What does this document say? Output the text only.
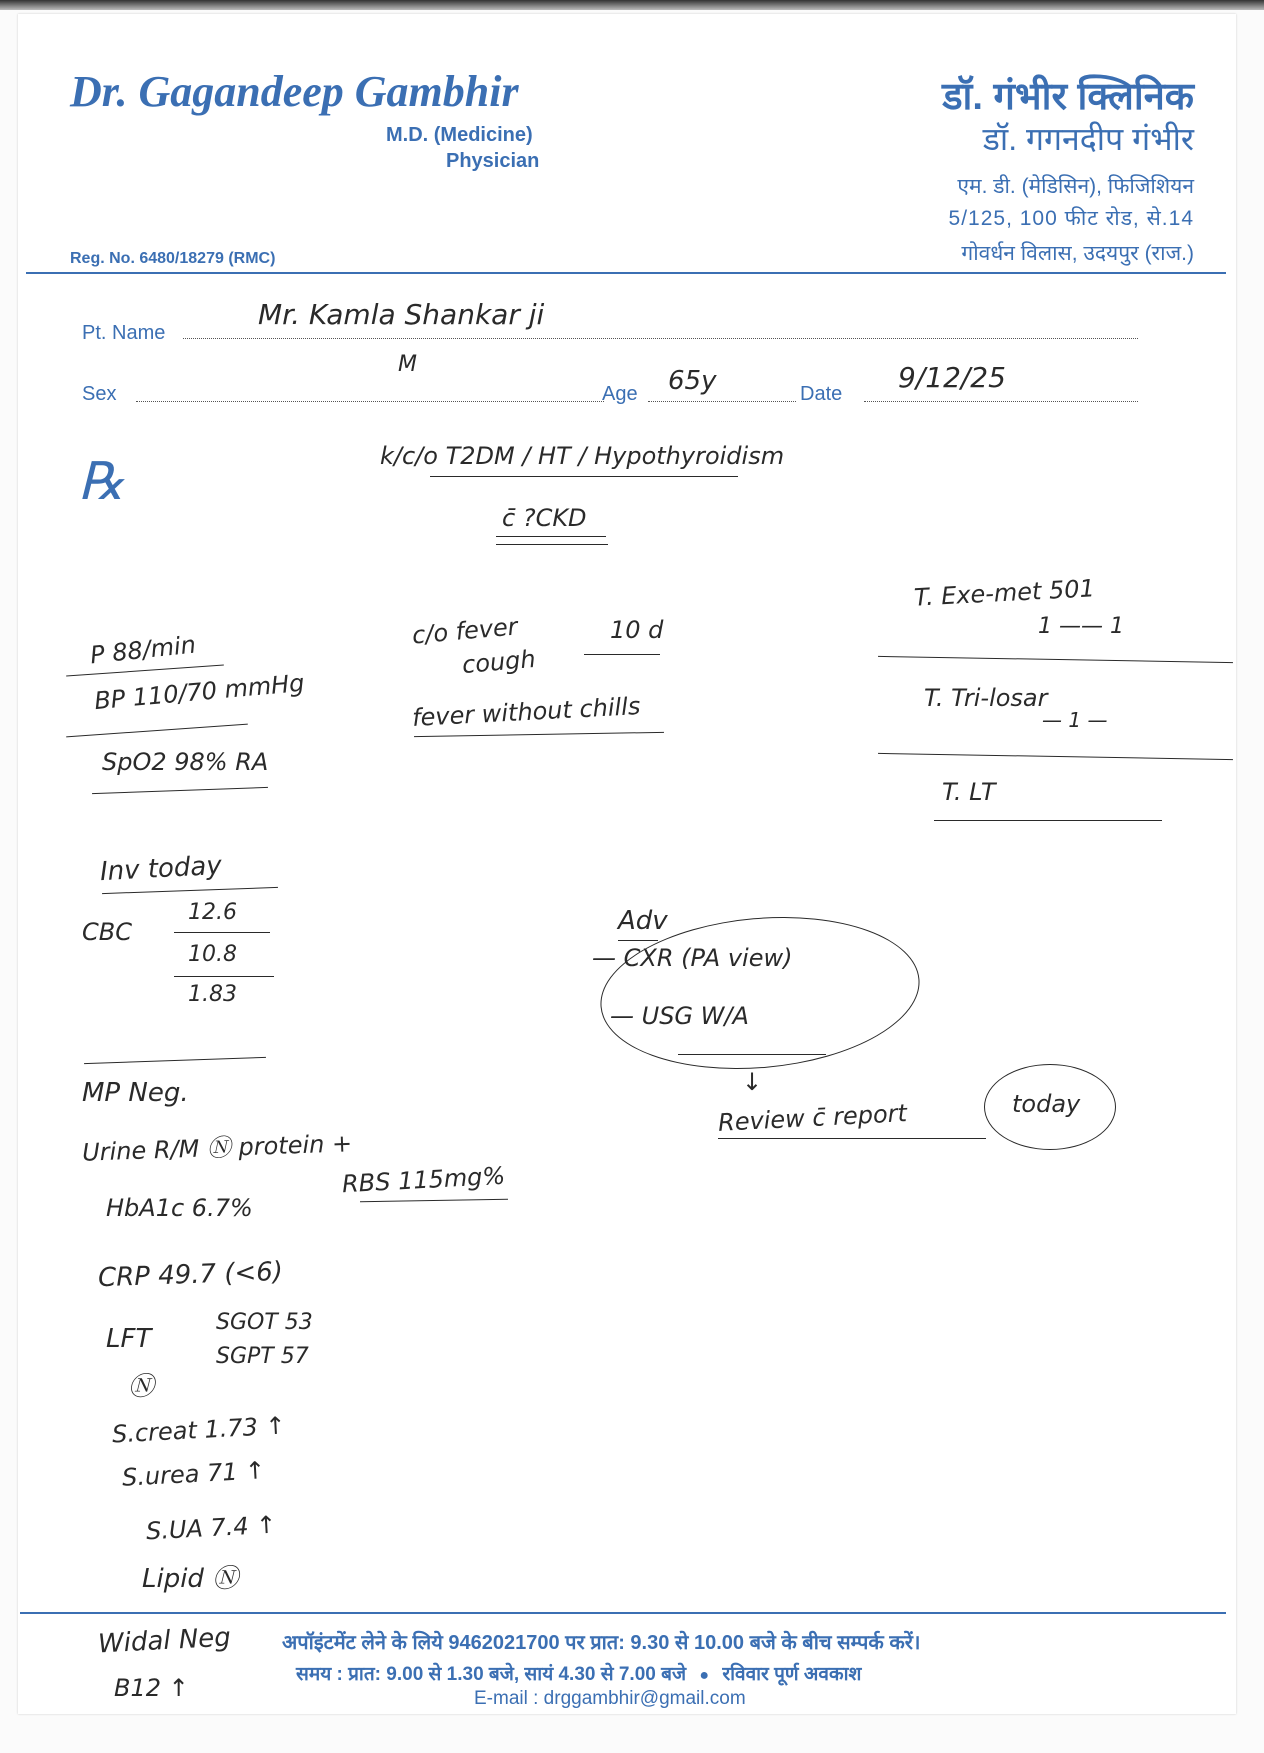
Dr. Gagandeep Gambhir
M.D. (Medicine)
Physician
Reg. No. 6480/18279 (RMC)
डॉ. गंभीर क्लिनिक
डॉ. गगनदीप गंभीर
एम. डी. (मेडिसिन), फिजिशियन
5/125, 100 फीट रोड, से.14
गोवर्धन विलास, उदयपुर (राज.)
Pt. Name
Mr. Kamla Shankar ji
Sex
M
Age 65y	Date 9/12/25
℞	k/c/o T2DM / HT / Hypothyroidism
c̄ ?CKD
P 88/min
BP 110/70 mmHg
SpO2 98% RA
c/o fever
cough
10 d
fever without chills
T. Exe-met 501
1 —— 1
T. Tri-losar
— 1 —
T. LT
Inv today
CBC
12.6
10.8
1.83
MP Neg.
Urine R/M Ⓝ protein +
HbA1c 6.7%
RBS 115mg%
CRP 49.7 (<6)
LFT
Ⓝ
SGOT 53
SGPT 57
S.creat 1.73 ↑
S.urea 71 ↑
S.UA 7.4 ↑
Lipid Ⓝ
Adv
— CXR (PA view)
— USG W/A
↓
Review c̄ report	today
Widal Neg
B12 ↑
अपॉइंटमेंट लेने के लिये 9462021700 पर प्रात: 9.30 से 10.00 बजे के बीच सम्पर्क करें।
समय : प्रात: 9.00 से 1.30 बजे, सायं 4.30 से 7.00 बजे ● रविवार पूर्ण अवकाश
E-mail : drggambhir@gmail.com
